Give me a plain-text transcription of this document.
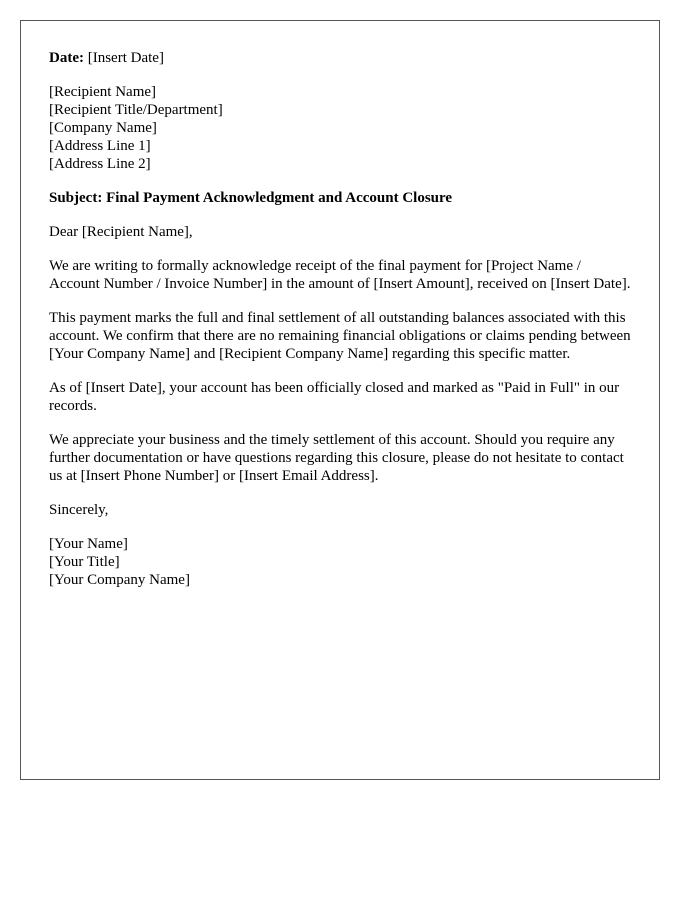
Date: [Insert Date]

[Recipient Name]
[Recipient Title/Department]
[Company Name]
[Address Line 1]
[Address Line 2]

Subject: Final Payment Acknowledgment and Account Closure

Dear [Recipient Name],

We are writing to formally acknowledge receipt of the final payment for [Project Name / Account Number / Invoice Number] in the amount of [Insert Amount], received on [Insert Date].

This payment marks the full and final settlement of all outstanding balances associated with this account. We confirm that there are no remaining financial obligations or claims pending between [Your Company Name] and [Recipient Company Name] regarding this specific matter.

As of [Insert Date], your account has been officially closed and marked as "Paid in Full" in our records.

We appreciate your business and the timely settlement of this account. Should you require any further documentation or have questions regarding this closure, please do not hesitate to contact us at [Insert Phone Number] or [Insert Email Address].

Sincerely,

[Your Name]
[Your Title]
[Your Company Name]
